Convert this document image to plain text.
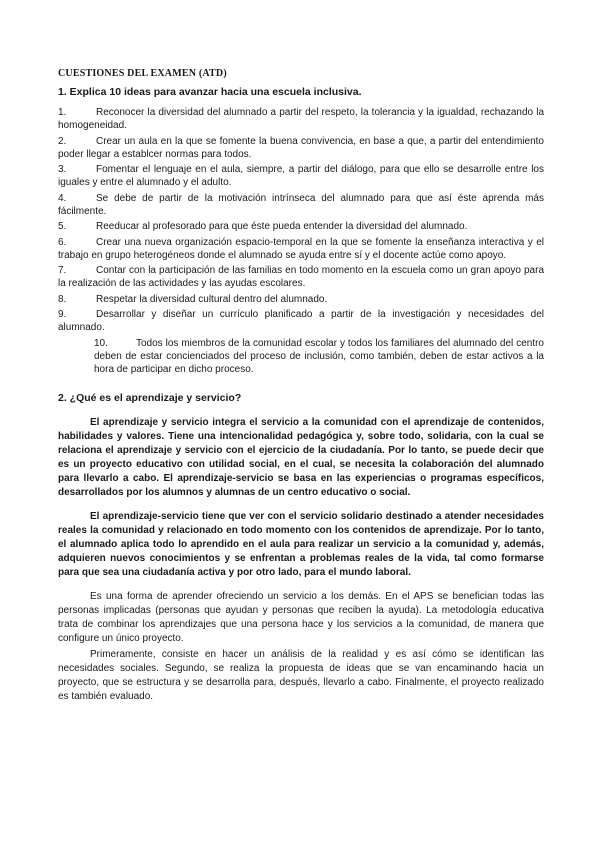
CUESTIONES DEL EXAMEN (ATD)
1. Explica 10 ideas para avanzar hacia una escuela inclusiva.
1.	Reconocer la diversidad del alumnado a partir del respeto, la tolerancia y la igualdad, rechazando la homogeneidad.
2.	Crear un aula en la que se fomente la buena convivencia, en base a que, a partir del entendimiento poder llegar a establcer normas para todos.
3.	Fomentar el lenguaje en el aula, siempre, a partir del diálogo, para que ello se desarrolle entre los iguales y entre el alumnado y el adulto.
4.	Se debe de partir de la motivación intrínseca del alumnado para que así éste aprenda más fácilmente.
5.	Reeducar al profesorado para que éste pueda entender la diversidad del alumnado.
6.	Crear una nueva organización espacio-temporal en la que se fomente la enseñanza interactiva y el trabajo en grupo heterogéneos donde el alumnado se ayuda entre sí y el docente actúe como apoyo.
7.	Contar con la participación de las familias en todo momento en la escuela como un gran apoyo para la realización de las actividades y las ayudas escolares.
8.	Respetar la diversidad cultural dentro del alumnado.
9.	Desarrollar y diseñar un currículo planificado a partir de la investigación y necesidades del alumnado.
10.	Todos los miembros de la comunidad escolar y todos los familiares del alumnado del centro deben de estar concienciados del proceso de inclusión, como también, deben de estar activos a la hora de participar en dicho proceso.
2. ¿Qué es el aprendizaje y servicio?

El aprendizaje y servicio integra el servicio a la comunidad con el aprendizaje de contenidos, habilidades y valores. Tiene una intencionalidad pedagógica y, sobre todo, solidaria, con la cual se relaciona el aprendizaje y servicio con el ejercicio de la ciudadanía. Por lo tanto, se puede decir que es un proyecto educativo con utilidad social, en el cual, se necesita la colaboración del alumnado para llevarlo a cabo. El aprendizaje-servicio se basa en las experiencias o programas específicos, desarrollados por los alumnos y alumnas de un centro educativo o social.

El aprendizaje-servicio tiene que ver con el servicio solidario destinado a atender necesidades reales la comunidad y relacionado en todo momento con los contenidos de aprendizaje. Por lo tanto, el alumnado aplica todo lo aprendido en el aula para realizar un servicio a la comunidad y, además, adquieren nuevos conocimientos y se enfrentan a problemas reales de la vida, tal como formarse para que sea una ciudadanía activa y por otro lado, para el mundo laboral.

Es una forma de aprender ofreciendo un servicio a los demás. En el APS se benefician todas las personas implicadas (personas que ayudan y personas que reciben la ayuda). La metodología educativa trata de combinar los aprendizajes que una persona hace y los servicios a la comunidad, de manera que configure un único proyecto.

Primeramente, consiste en hacer un análisis de la realidad y es así cómo se identifican las necesidades sociales. Segundo, se realiza la propuesta de ideas que se van encaminando hacia un proyecto, que se estructura y se desarrolla para, después, llevarlo a cabo. Finalmente, el proyecto realizado es también evaluado.
